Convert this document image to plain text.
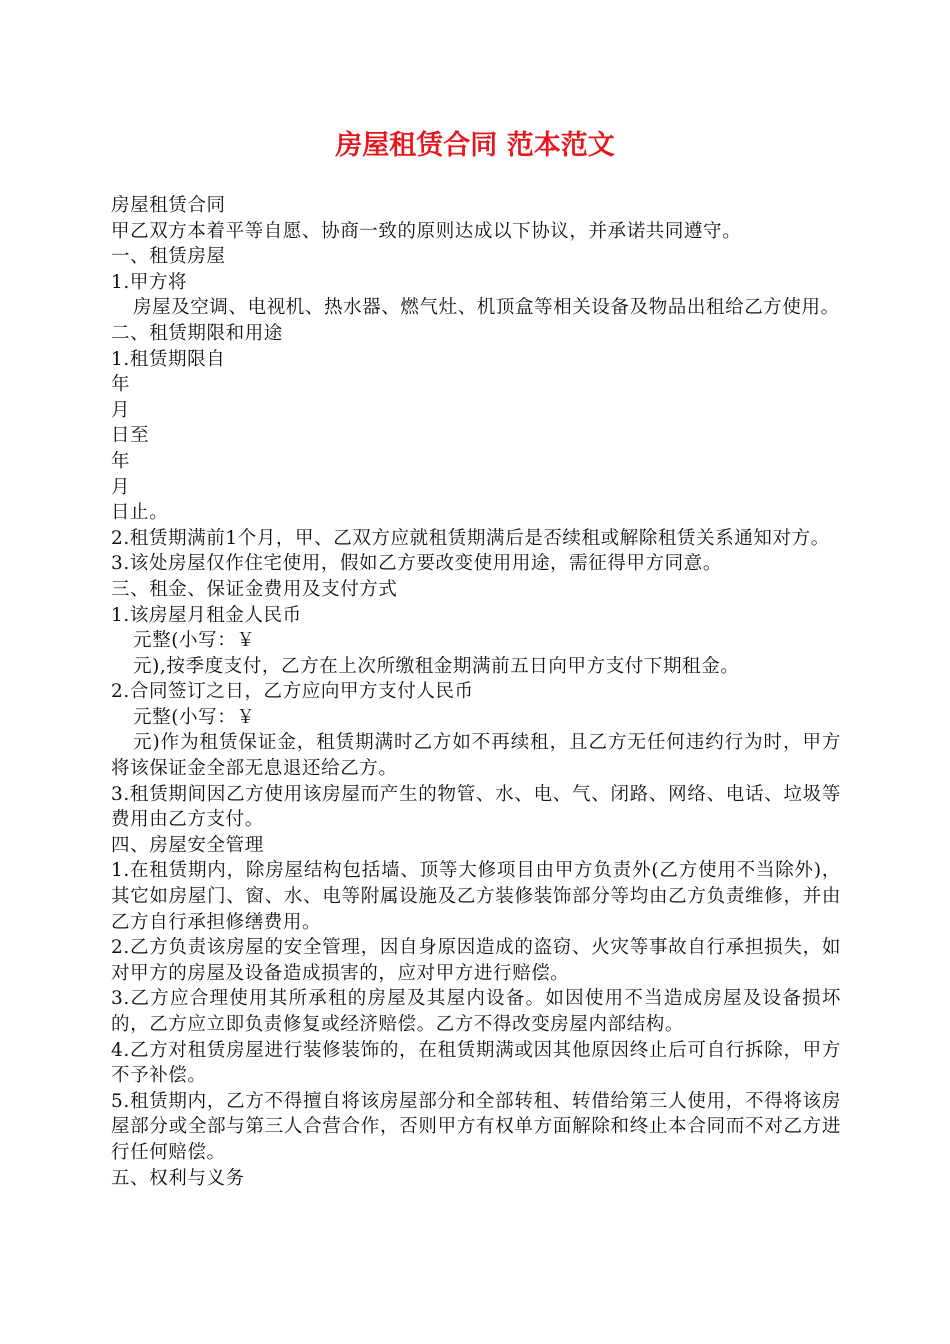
房屋租赁合同 范本范文

房屋租赁合同

甲乙双方本着平等自愿、协商一致的原则达成以下协议，并承诺共同遵守。

一、租赁房屋

1.甲方将

房屋及空调、电视机、热水器、燃气灶、机顶盒等相关设备及物品出租给乙方使用。

二、租赁期限和用途

1.租赁期限自

年

月

日至

年

月

日止。

2.租赁期满前1个月，甲、乙双方应就租赁期满后是否续租或解除租赁关系通知对方。

3.该处房屋仅作住宅使用，假如乙方要改变使用用途，需征得甲方同意。

三、租金、保证金费用及支付方式

1.该房屋月租金人民币

元整(小写：￥

元),按季度支付，乙方在上次所缴租金期满前五日向甲方支付下期租金。

2.合同签订之日，乙方应向甲方支付人民币

元整(小写：￥

元)作为租赁保证金，租赁期满时乙方如不再续租，且乙方无任何违约行为时，甲方将该保证金全部无息退还给乙方。

3.租赁期间因乙方使用该房屋而产生的物管、水、电、气、闭路、网络、电话、垃圾等费用由乙方支付。

四、房屋安全管理

1.在租赁期内，除房屋结构包括墙、顶等大修项目由甲方负责外(乙方使用不当除外)，其它如房屋门、窗、水、电等附属设施及乙方装修装饰部分等均由乙方负责维修，并由乙方自行承担修缮费用。

2.乙方负责该房屋的安全管理，因自身原因造成的盗窃、火灾等事故自行承担损失，如对甲方的房屋及设备造成损害的，应对甲方进行赔偿。

3.乙方应合理使用其所承租的房屋及其屋内设备。如因使用不当造成房屋及设备损坏的，乙方应立即负责修复或经济赔偿。乙方不得改变房屋内部结构。

4.乙方对租赁房屋进行装修装饰的，在租赁期满或因其他原因终止后可自行拆除，甲方不予补偿。

5.租赁期内，乙方不得擅自将该房屋部分和全部转租、转借给第三人使用，不得将该房屋部分或全部与第三人合营合作，否则甲方有权单方面解除和终止本合同而不对乙方进行任何赔偿。

五、权利与义务
